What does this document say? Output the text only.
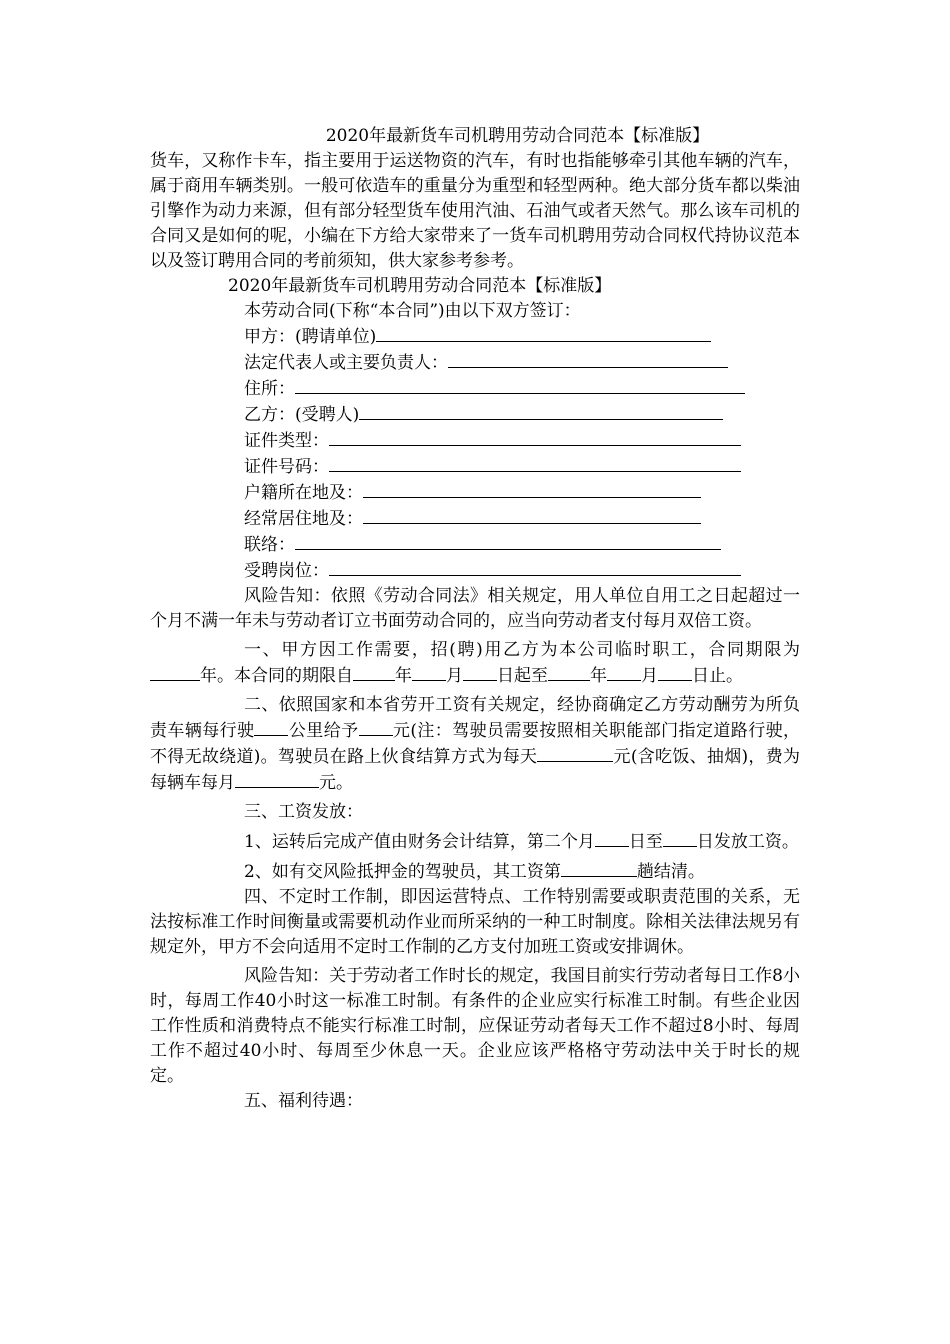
2020年最新货车司机聘用劳动合同范本【标准版】

货车，又称作卡车，指主要用于运送物资的汽车，有时也指能够牵引其他车辆的汽车，属于商用车辆类别。一般可依造车的重量分为重型和轻型两种。绝大部分货车都以柴油引擎作为动力来源，但有部分轻型货车使用汽油、石油气或者天然气。那么该车司机的合同又是如何的呢，小编在下方给大家带来了一货车司机聘用劳动合同权代持协议范本以及签订聘用合同的考前须知，供大家参考参考。

2020年最新货车司机聘用劳动合同范本【标准版】
本劳动合同(下称“本合同”)由以下双方签订：
甲方：(聘请单位)
法定代表人或主要负责人：
住所：
乙方：(受聘人)
证件类型：
证件号码：
户籍所在地及：
经常居住地及：
联络：
受聘岗位：

风险告知：依照《劳动合同法》相关规定，用人单位自用工之日起超过一个月不满一年未与劳动者订立书面劳动合同的，应当向劳动者支付每月双倍工资。

一、甲方因工作需要，招(聘)用乙方为本公司临时职工，合同期限为年。本合同的期限自 年 月 日起至 年 月 日止。

二、依照国家和本省劳开工资有关规定，经协商确定乙方劳动酬劳为所负责车辆每行驶 公里给予 元(注：驾驶员需要按照相关职能部门指定道路行驶，不得无故绕道)。驾驶员在路上伙食结算方式为每天	元(含吃饭、抽烟)，费为每辆车每月	元。

三、工资发放：

1、运转后完成产值由财务会计结算，第二个月 日至 日发放工资。

2、如有交风险抵押金的驾驶员，其工资第	趟结清。

四、不定时工作制，即因运营特点、工作特别需要或职责范围的关系，无法按标准工作时间衡量或需要机动作业而所采纳的一种工时制度。除相关法律法规另有规定外，甲方不会向适用不定时工作制的乙方支付加班工资或安排调休。

风险告知：关于劳动者工作时长的规定，我国目前实行劳动者每日工作8小时，每周工作40小时这一标准工时制。有条件的企业应实行标准工时制。有些企业因工作性质和消费特点不能实行标准工时制，应保证劳动者每天工作不超过8小时、每周工作不超过40小时、每周至少休息一天。企业应该严格格守劳动法中关于时长的规定。

五、福利待遇：
